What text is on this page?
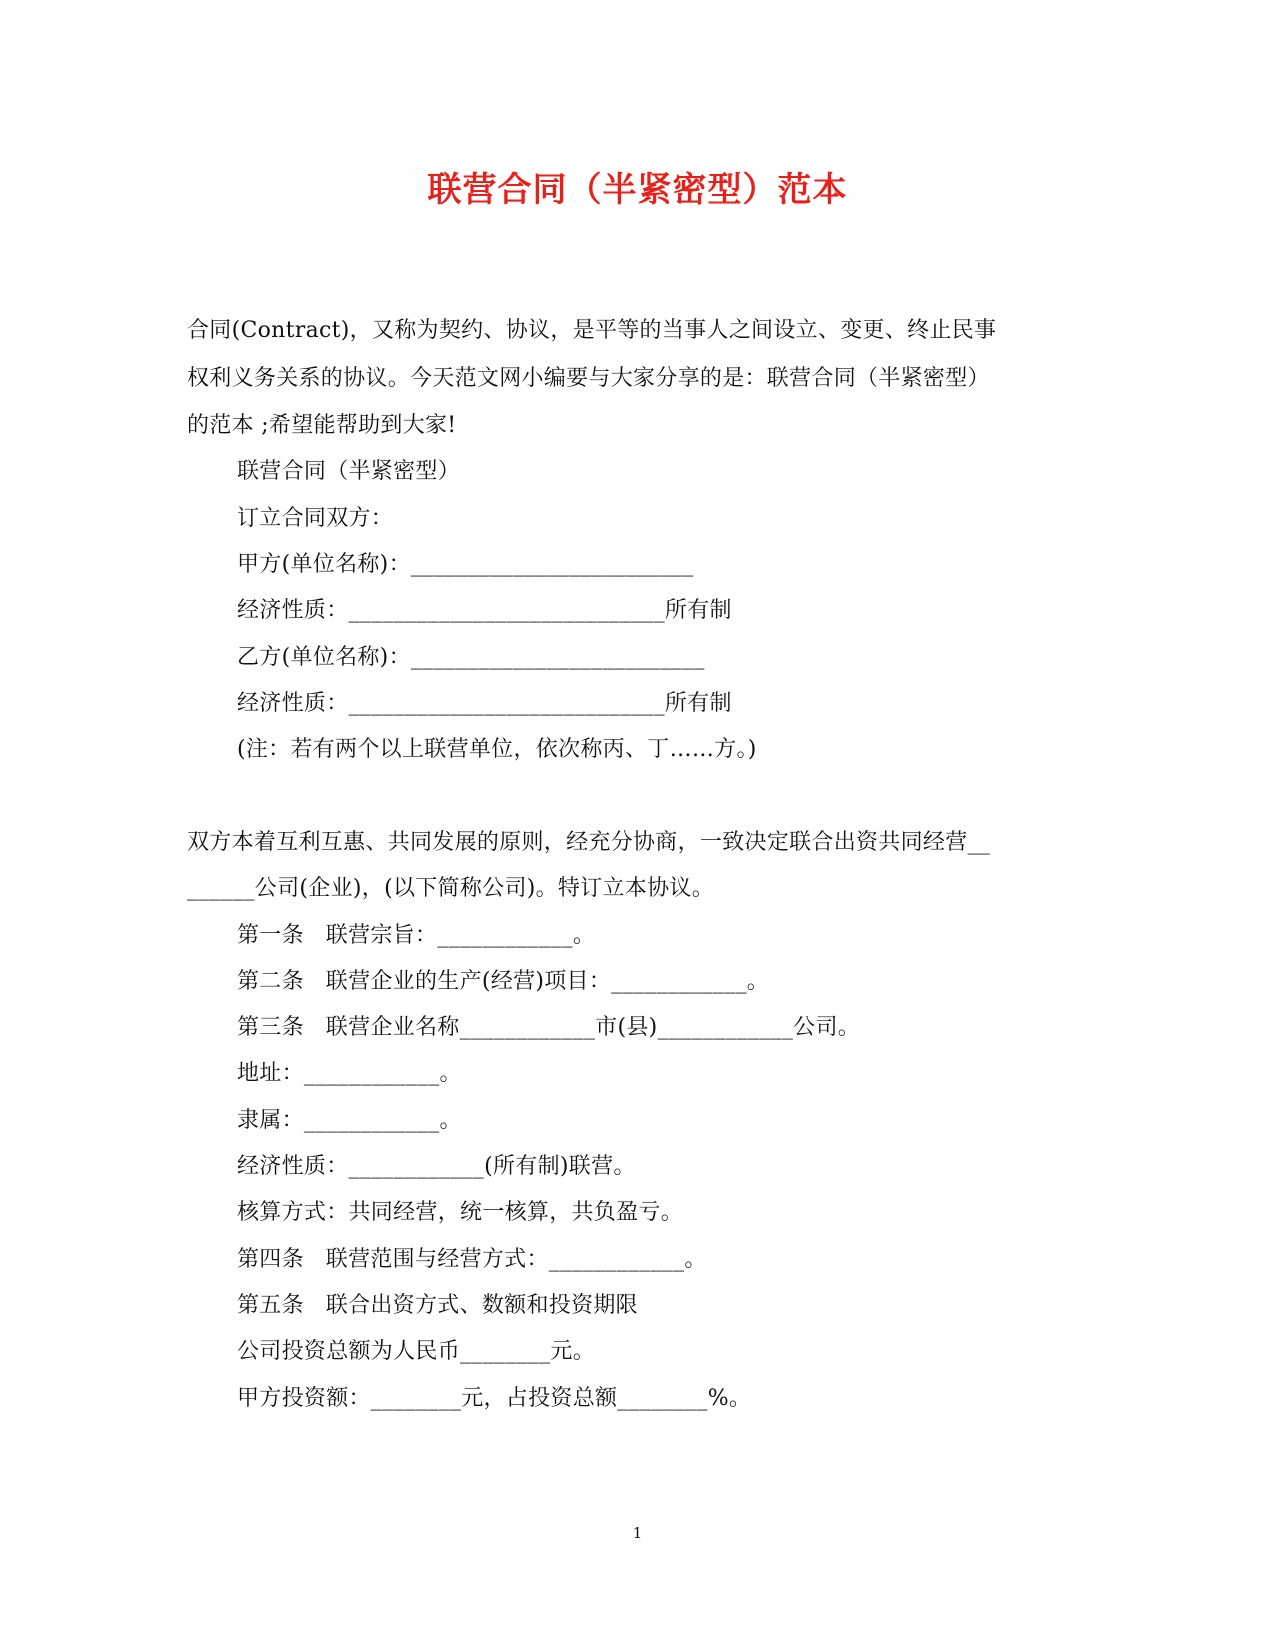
联营合同（半紧密型）范本
合同(Contract)，又称为契约、协议，是平等的当事人之间设立、变更、终止民事
权利义务关系的协议。今天范文网小编要与大家分享的是：联营合同（半紧密型）
的范本 ;希望能帮助到大家!
联营合同（半紧密型）
订立合同双方：
甲方(单位名称)：_________________________
经济性质：____________________________所有制
乙方(单位名称)：__________________________
经济性质：____________________________所有制
(注：若有两个以上联营单位，依次称丙、丁……方。)
双方本着互利互惠、共同发展的原则，经充分协商，一致决定联合出资共同经营__
______公司(企业)，(以下简称公司)。特订立本协议。
第一条   联营宗旨：____________。
第二条   联营企业的生产(经营)项目：____________。
第三条   联营企业名称____________市(县)____________公司。
地址：____________。
隶属：____________。
经济性质：____________(所有制)联营。
核算方式：共同经营，统一核算，共负盈亏。
第四条   联营范围与经营方式：____________。
第五条   联合出资方式、数额和投资期限
公司投资总额为人民币________元。
甲方投资额：________元，占投资总额________%。
1
